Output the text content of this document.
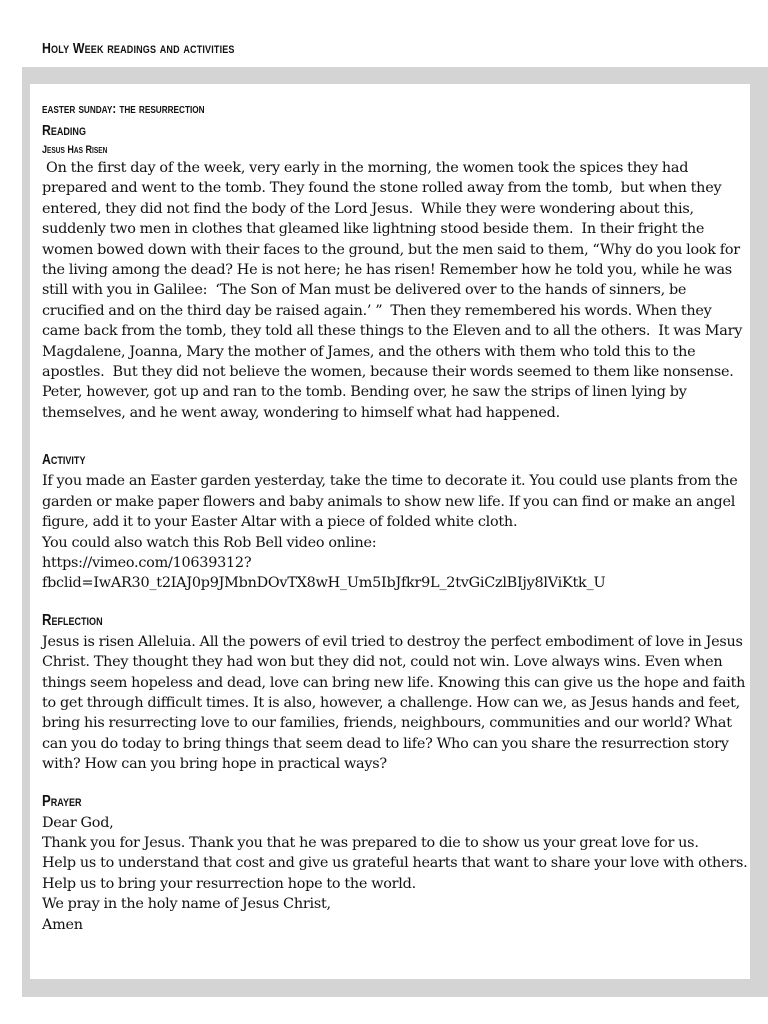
Holy Week readings and activities
easter sunday: the resurrection
Reading
Jesus Has Risen

On the first day of the week, very early in the morning, the women took the spices they had prepared and went to the tomb. They found the stone rolled away from the tomb,  but when they entered, they did not find the body of the Lord Jesus.  While they were wondering about this, suddenly two men in clothes that gleamed like lightning stood beside them.  In their fright the women bowed down with their faces to the ground, but the men said to them, “Why do you look for the living among the dead? He is not here; he has risen! Remember how he told you, while he was still with you in Galilee:  ‘The Son of Man must be delivered over to the hands of sinners, be crucified and on the third day be raised again.’ ”  Then they remembered his words. When they came back from the tomb, they told all these things to the Eleven and to all the others.  It was Mary Magdalene, Joanna, Mary the mother of James, and the others with them who told this to the apostles.  But they did not believe the women, because their words seemed to them like nonsense. Peter, however, got up and ran to the tomb. Bending over, he saw the strips of linen lying by themselves, and he went away, wondering to himself what had happened.

Activity

If you made an Easter garden yesterday, take the time to decorate it. You could use plants from the garden or make paper flowers and baby animals to show new life. If you can find or make an angel figure, add it to your Easter Altar with a piece of folded white cloth.

You could also watch this Rob Bell video online:

https://vimeo.com/10639312?

fbclid=IwAR30_t2IAJ0p9JMbnDOvTX8wH_Um5IbJfkr9L_2tvGiCzlBIjy8lViKtk_U

Reflection

Jesus is risen Alleluia. All the powers of evil tried to destroy the perfect embodiment of love in Jesus Christ. They thought they had won but they did not, could not win. Love always wins. Even when things seem hopeless and dead, love can bring new life. Knowing this can give us the hope and faith to get through difficult times. It is also, however, a challenge. How can we, as Jesus hands and feet, bring his resurrecting love to our families, friends, neighbours, communities and our world? What can you do today to bring things that seem dead to life? Who can you share the resurrection story with? How can you bring hope in practical ways?

Prayer

Dear God,

Thank you for Jesus. Thank you that he was prepared to die to show us your great love for us.

Help us to understand that cost and give us grateful hearts that want to share your love with others.

Help us to bring your resurrection hope to the world.

We pray in the holy name of Jesus Christ,

Amen
